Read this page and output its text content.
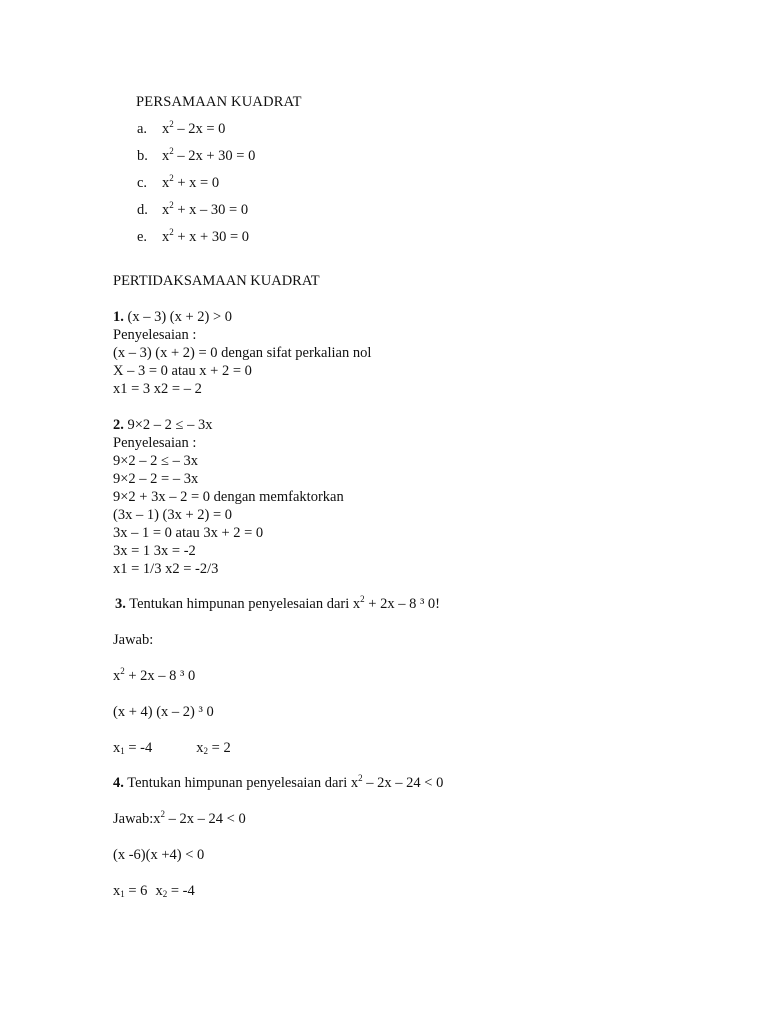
PERSAMAAN KUADRAT
a. $x^2 - 2x = 0$
b. $x^2 - 2x + 30 = 0$
c. $x^2 + x = 0$
d. $x^2 + x - 30 = 0$
e. $x^2 + x + 30 = 0$
PERTIDAKSAMAAN KUADRAT
1. (x – 3) (x + 2) > 0
Penyelesaian :
(x – 3) (x + 2) = 0 dengan sifat perkalian nol
X – 3 = 0 atau x + 2 = 0
x1 = 3 x2 = – 2
2. 9×2 – 2 ≤ – 3x
Penyelesaian :
9×2 – 2 ≤ – 3x
9×2 – 2 = – 3x
9×2 + 3x – 2 = 0 dengan memfaktorkan
(3x – 1) (3x + 2) = 0
3x – 1 = 0 atau 3x + 2 = 0
3x = 1 3x = -2
x1 = 1/3 x2 = -2/3
3. Tentukan himpunan penyelesaian dari $x^2 + 2x - 8$ ³ 0!
Jawab:
$x^2 + 2x - 8$ ³ 0
(x + 4) (x – 2) ³ 0
$x_1 = -4$	$x_2 = 2$
4. Tentukan himpunan penyelesaian dari $x^2 - 2x - 24 < 0$
$Jawab:x^2 - 2x - 24 < 0$
(x -6)(x +4) < 0
$x_1 = 6$ $x_2 = -4$
